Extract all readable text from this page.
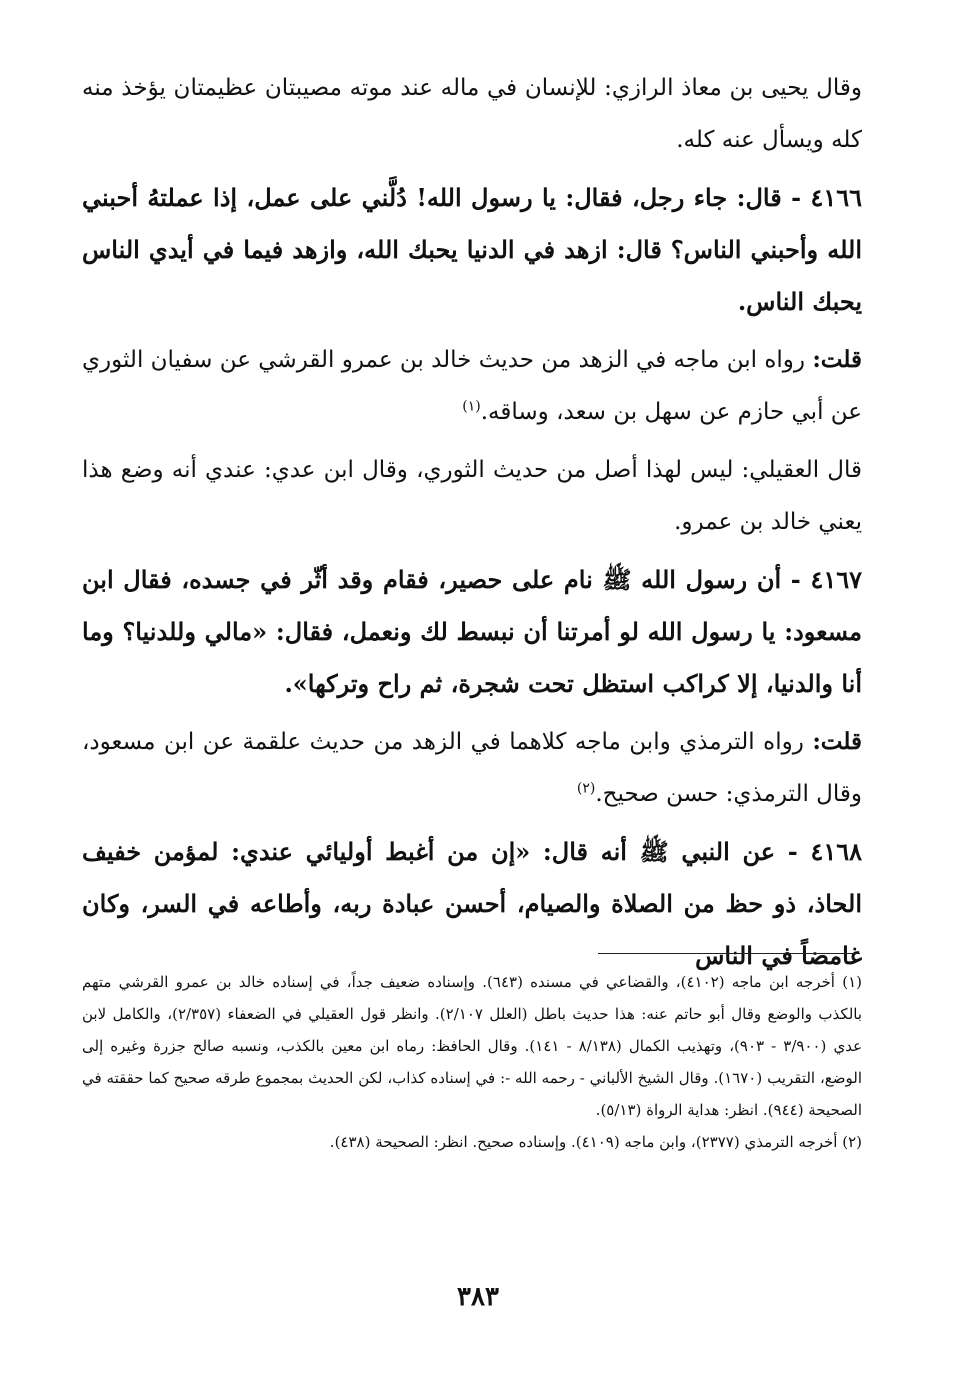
وقال يحيى بن معاذ الرازي: للإنسان في ماله عند موته مصيبتان عظيمتان يؤخذ منه كله ويسأل عنه كله.

٤١٦٦ - قال: جاء رجل، فقال: يا رسول الله! دُلَّني على عمل، إذا عملتهُ أحبني الله وأحبني الناس؟ قال: ازهد في الدنيا يحبك الله، وازهد فيما في أيدي الناس يحبك الناس.

قلت: رواه ابن ماجه في الزهد من حديث خالد بن عمرو القرشي عن سفيان الثوري عن أبي حازم عن سهل بن سعد، وساقه.$^{(١)}$

قال العقيلي: ليس لهذا أصل من حديث الثوري، وقال ابن عدي: عندي أنه وضع هذا يعني خالد بن عمرو.

٤١٦٧ - أن رسول الله ﷺ نام على حصير، فقام وقد أثّر في جسده، فقال ابن مسعود: يا رسول الله لو أمرتنا أن نبسط لك ونعمل، فقال: «مالي وللدنيا؟ وما أنا والدنيا، إلا كراكب استظل تحت شجرة، ثم راح وتركها».

قلت: رواه الترمذي وابن ماجه كلاهما في الزهد من حديث علقمة عن ابن مسعود، وقال الترمذي: حسن صحيح.$^{(٢)}$

٤١٦٨ - عن النبي ﷺ أنه قال: «إن من أغبط أوليائي عندي: لمؤمن خفيف الحاذ، ذو حظ من الصلاة والصيام، أحسن عبادة ربه، وأطاعه في السر، وكان غامضاً في الناس

(١) أخرجه ابن ماجه (٤١٠٢)، والقضاعي في مسنده (٦٤٣). وإسناده ضعيف جداً، في إسناده خالد بن عمرو القرشي متهم بالكذب والوضع وقال أبو حاتم عنه: هذا حديث باطل (العلل ٢/١٠٧). وانظر قول العقيلي في الضعفاء (٢/٣٥٧)، والكامل لابن عدي (٣/٩٠٠ - ٩٠٣)، وتهذيب الكمال (٨/١٣٨ - ١٤١). وقال الحافظ: رماه ابن معين بالكذب، ونسبه صالح جزرة وغيره إلى الوضع، التقريب (١٦٧٠). وقال الشيخ الألباني - رحمه الله -: في إسناده كذاب، لكن الحديث بمجموع طرقه صحيح كما حققته في الصحيحة (٩٤٤). انظر: هداية الرواة (٥/١٣).

(٢) أخرجه الترمذي (٢٣٧٧)، وابن ماجه (٤١٠٩). وإسناده صحيح. انظر: الصحيحة (٤٣٨).

٣٨٣
